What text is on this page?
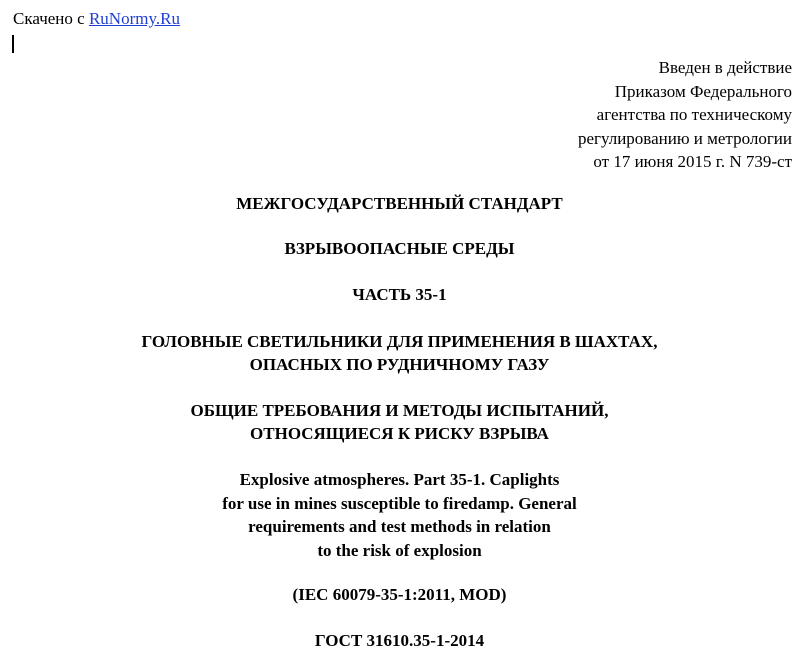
Скачено с RuNormy.Ru
Введен в действие
Приказом Федерального
агентства по техническому
регулированию и метрологии
от 17 июня 2015 г. N 739-ст
МЕЖГОСУДАРСТВЕННЫЙ СТАНДАРТ
ВЗРЫВООПАСНЫЕ СРЕДЫ
ЧАСТЬ 35-1
ГОЛОВНЫЕ СВЕТИЛЬНИКИ ДЛЯ ПРИМЕНЕНИЯ В ШАХТАХ,
ОПАСНЫХ ПО РУДНИЧНОМУ ГАЗУ
ОБЩИЕ ТРЕБОВАНИЯ И МЕТОДЫ ИСПЫТАНИЙ,
ОТНОСЯЩИЕСЯ К РИСКУ ВЗРЫВА
Explosive atmospheres. Part 35-1. Caplights
for use in mines susceptible to firedamp. General
requirements and test methods in relation
to the risk of explosion
(IEC 60079-35-1:2011, MOD)
ГОСТ 31610.35-1-2014
